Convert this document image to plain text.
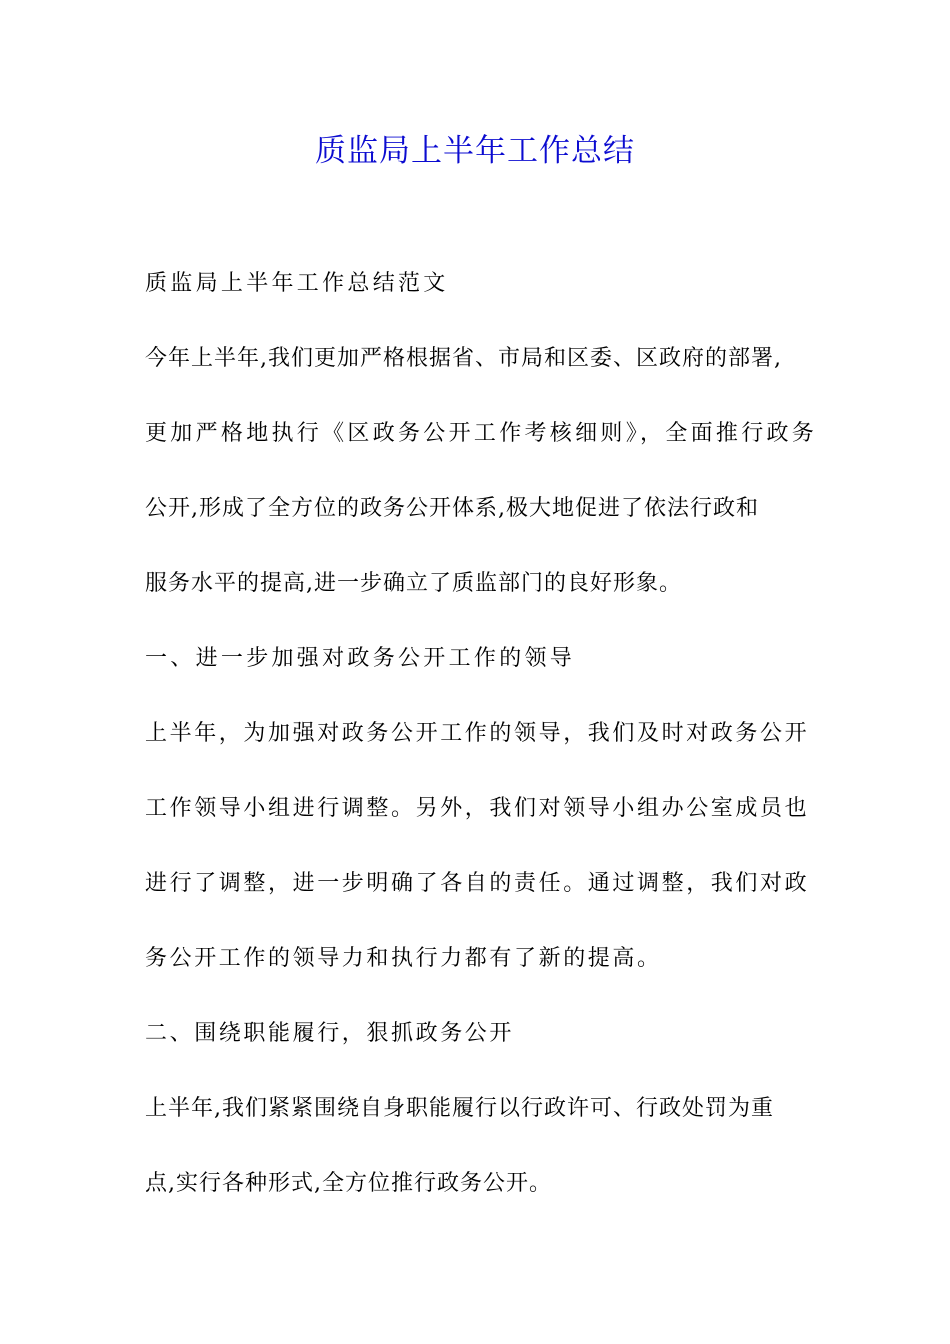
质监局上半年工作总结

质监局上半年工作总结范文

今年上半年,我们更加严格根据省、市局和区委、区政府的部署,

更加严格地执行《区政务公开工作考核细则》，全面推行政务

公开,形成了全方位的政务公开体系,极大地促进了依法行政和

服务水平的提高,进一步确立了质监部门的良好形象。

一、进一步加强对政务公开工作的领导

上半年，为加强对政务公开工作的领导，我们及时对政务公开

工作领导小组进行调整。另外，我们对领导小组办公室成员也

进行了调整，进一步明确了各自的责任。通过调整，我们对政

务公开工作的领导力和执行力都有了新的提高。

二、围绕职能履行，狠抓政务公开

上半年,我们紧紧围绕自身职能履行以行政许可、行政处罚为重

点,实行各种形式,全方位推行政务公开。
